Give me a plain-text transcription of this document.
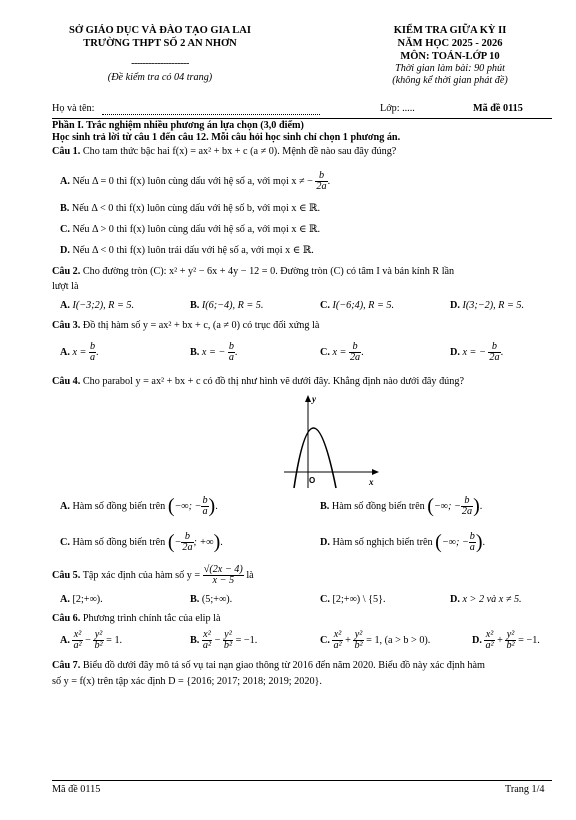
SỞ GIÁO DỤC VÀ ĐÀO TẠO GIA LAI
TRƯỜNG THPT SỐ 2 AN NHƠN
--------------------
(Đề kiểm tra có 04 trang)
KIỂM TRA GIỮA KỲ II
NĂM HỌC 2025 - 2026
MÔN: TOÁN-LỚP 10
Thời gian làm bài: 90 phút
(không kể thời gian phát đề)
Họ và tên:	Lớp: .....	Mã đề 0115
Phần I. Trắc nghiệm nhiều phương án lựa chọn (3,0 điểm)
Học sinh trả lời từ câu 1 đến câu 12. Mỗi câu hỏi học sinh chỉ chọn 1 phương án.
Câu 1. Cho tam thức bậc hai f(x) = ax² + bx + c (a ≠ 0). Mệnh đề nào sau đây đúng?
A. Nếu Δ = 0 thì f(x) luôn cùng dấu với hệ số a, với mọi x ≠ − $\frac{b}{2a}$ .
B. Nếu Δ < 0 thì f(x) luôn cùng dấu với hệ số b, với mọi x ∈ ℝ.
C. Nếu Δ > 0 thì f(x) luôn cùng dấu với hệ số a, với mọi x ∈ ℝ.
D. Nếu Δ < 0 thì f(x) luôn trái dấu với hệ số a, với mọi x ∈ ℝ.
Câu 2. Cho đường tròn (C): x² + y² − 6x + 4y − 12 = 0. Đường tròn (C) có tâm I và bán kính R lần
lượt là
A. I(−3;2), R = 5.	B. I(6;−4), R = 5.	C. I(−6;4), R = 5.	D. I(3;−2), R = 5.
Câu 3. Đồ thị hàm số y = ax² + bx + c, (a ≠ 0) có trục đối xứng là
A. $x = \frac{b}{a}$ .	B. x = − $\frac{b}{a}$ .	C. $x = \frac{b}{2a}$ .	D. x = − $\frac{b}{2a}$ .
Câu 4. Cho parabol y = ax² + bx + c có đồ thị như hình vẽ dưới đây. Khẳng định nào dưới đây đúng?
y
x
O
A. Hàm số đồng biến trên (−∞; − $\frac{b}{a}$ ).	B. Hàm số đồng biến trên (−∞; − $\frac{b}{2a}$ ).
C. Hàm số đồng biến trên (− $\frac{b}{2a}$ ; +∞).	D. Hàm số nghịch biến trên (−∞; − $\frac{b}{a}$ ).
Câu 5. Tập xác định của hàm số $y = \frac{√(2x - 4)}{x - 5}$ là
A. [2;+∞).	B. (5;+∞).	C. [2;+∞) \ {5}.	D. x > 2 và x ≠ 5.
Câu 6. Phương trình chính tắc của elip là
A. $\frac{\text{x²}}{\text{a²}} - \frac{\text{y²}}{\text{b²}} = 1$.	B. $\frac{\text{x²}}{\text{a²}} - \frac{\text{y²}}{\text{b²}} = -1$.	C. $\frac{\text{x²}}{\text{a²}} + \frac{\text{y²}}{\text{b²}} = 1$, (a > b > 0).	D. $\frac{\text{x²}}{\text{a²}} + \frac{\text{y²}}{\text{b²}} = -1$.
Câu 7. Biểu đồ dưới đây mô tả số vụ tai nạn giao thông từ 2016 đến năm 2020. Biểu đồ này xác định hàm
số y = f(x) trên tập xác định D = {2016; 2017; 2018; 2019; 2020}.
Mã đề 0115	Trang 1/4
